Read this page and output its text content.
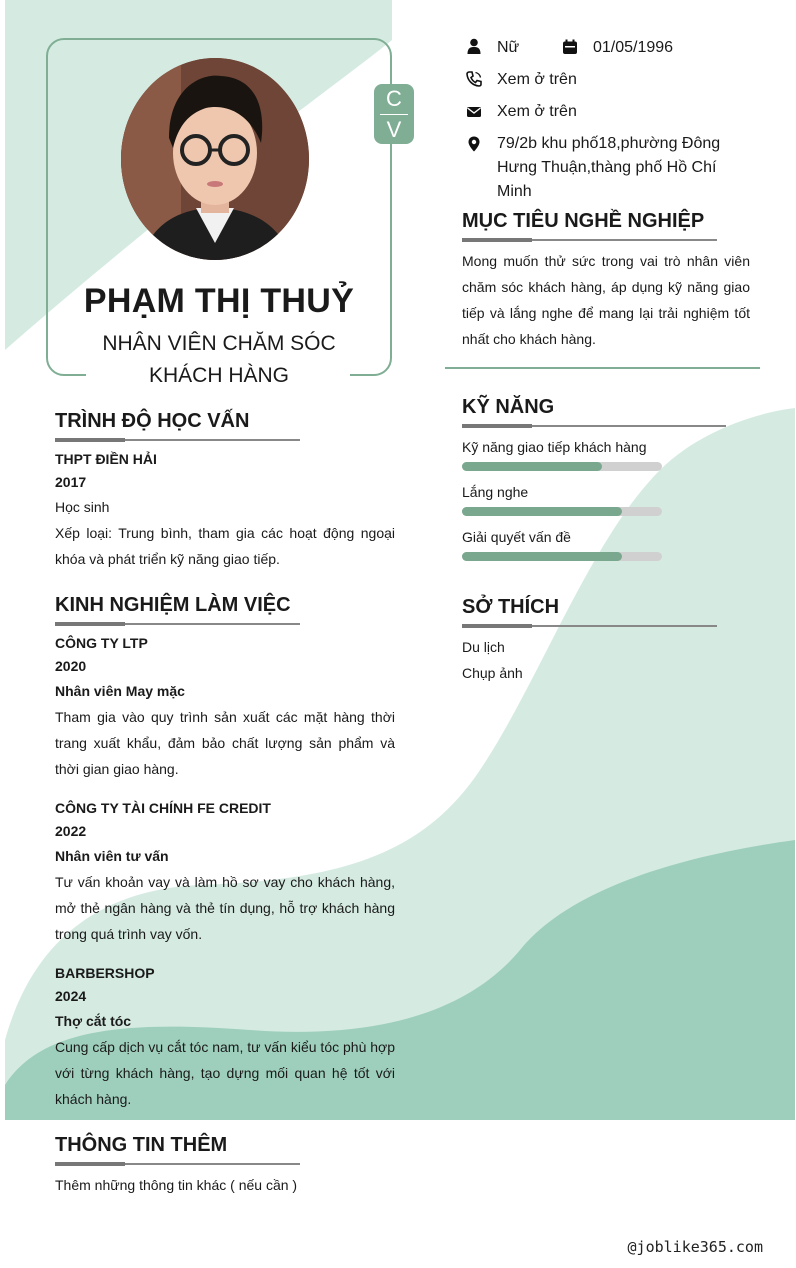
C
V
PHẠM THỊ THUỶ
NHÂN VIÊN CHĂM SÓC KHÁCH HÀNG
Nữ	01/05/1996
Xem ở trên
Xem ở trên
79/2b khu phố18,phường Đông Hưng Thuận,thàng phố Hồ Chí Minh
MỤC TIÊU NGHỀ NGHIỆP
Mong muốn thử sức trong vai trò nhân viên chăm sóc khách hàng, áp dụng kỹ năng giao tiếp và lắng nghe để mang lại trải nghiệm tốt nhất cho khách hàng.
KỸ NĂNG
Kỹ năng giao tiếp khách hàng
Lắng nghe
Giải quyết vấn đề
SỞ THÍCH
Du lịch
Chụp ảnh
TRÌNH ĐỘ HỌC VẤN
THPT ĐIỀN HẢI
2017
Học sinh
Xếp loại: Trung bình, tham gia các hoạt động ngoại khóa và phát triển kỹ năng giao tiếp.
KINH NGHIỆM LÀM VIỆC
CÔNG TY LTP
2020
Nhân viên May mặc
Tham gia vào quy trình sản xuất các mặt hàng thời trang xuất khẩu, đảm bảo chất lượng sản phẩm và thời gian giao hàng.
CÔNG TY TÀI CHÍNH FE CREDIT
2022
Nhân viên tư vấn
Tư vấn khoản vay và làm hồ sơ vay cho khách hàng, mở thẻ ngân hàng và thẻ tín dụng, hỗ trợ khách hàng trong quá trình vay vốn.
BARBERSHOP
2024
Thợ cắt tóc
Cung cấp dịch vụ cắt tóc nam, tư vấn kiểu tóc phù hợp với từng khách hàng, tạo dựng mối quan hệ tốt với khách hàng.
THÔNG TIN THÊM
Thêm những thông tin khác ( nếu cần )
@joblike365.com
